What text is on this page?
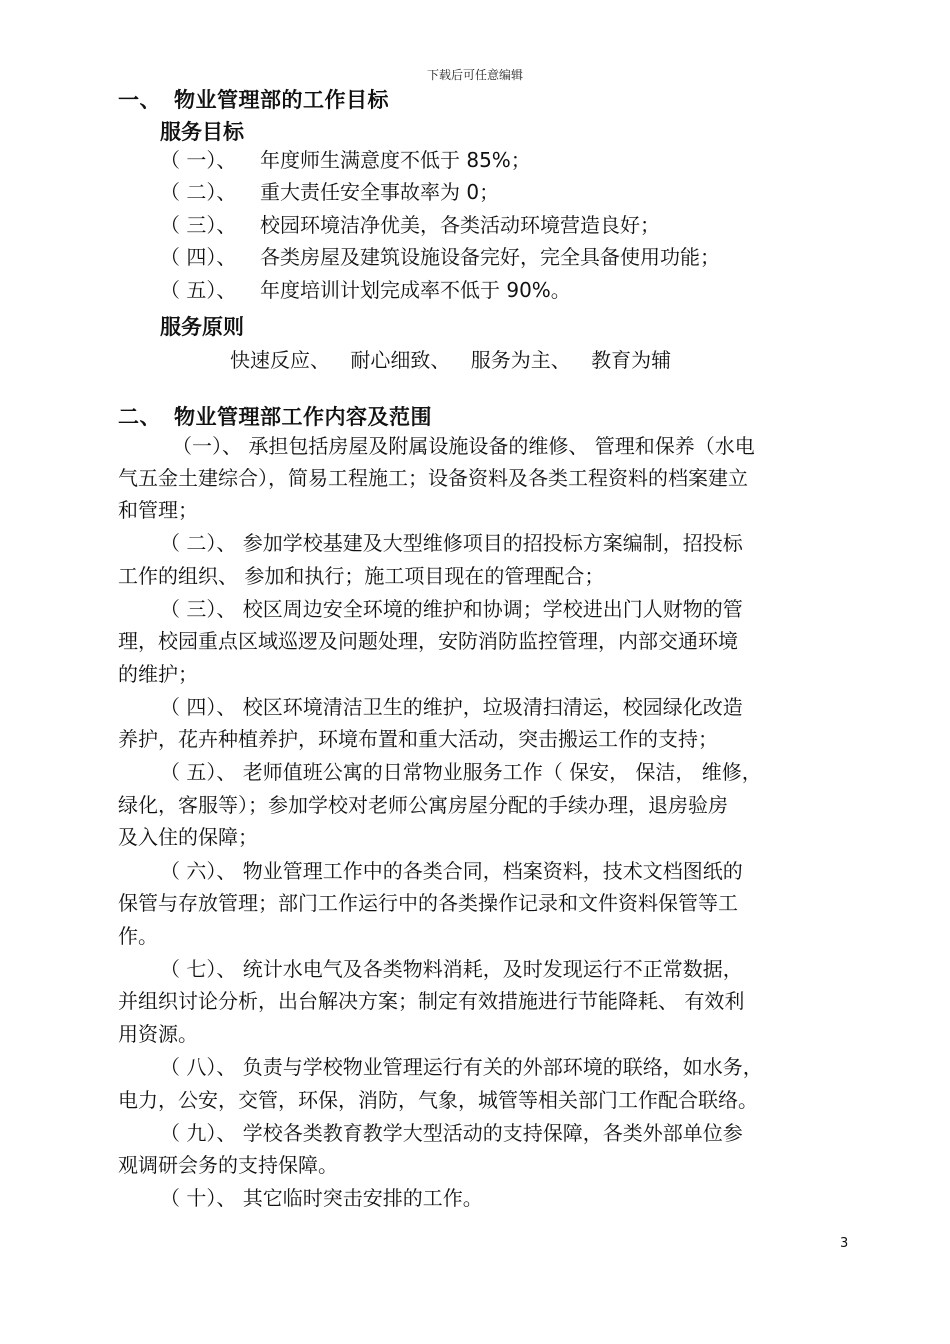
下载后可任意编辑
一、 物业管理部的工作目标
服务目标
（ 一）、 年度师生满意度不低于 85%；
（ 二）、 重大责任安全事故率为 0；
（ 三）、 校园环境洁净优美，各类活动环境营造良好；
（ 四）、 各类房屋及建筑设施设备完好，完全具备使用功能；
（ 五）、 年度培训计划完成率不低于 90%。
服务原则
快速反应、 耐心细致、 服务为主、 教育为辅
二、 物业管理部工作内容及范围
（一）、 承担包括房屋及附属设施设备的维修、 管理和保养（水电
气五金土建综合），简易工程施工；设备资料及各类工程资料的档案建立
和管理；
（ 二）、 参加学校基建及大型维修项目的招投标方案编制，招投标
工作的组织、 参加和执行；施工项目现在的管理配合；
（ 三）、 校区周边安全环境的维护和协调；学校进出门人财物的管
理，校园重点区域巡逻及问题处理，安防消防监控管理，内部交通环境
的维护；
（ 四）、 校区环境清洁卫生的维护，垃圾清扫清运，校园绿化改造
养护，花卉种植养护，环境布置和重大活动，突击搬运工作的支持；
（ 五）、 老师值班公寓的日常物业服务工作（ 保安， 保洁， 维修，
绿化，客服等）；参加学校对老师公寓房屋分配的手续办理，退房验房
及入住的保障；
（ 六）、 物业管理工作中的各类合同，档案资料，技术文档图纸的
保管与存放管理；部门工作运行中的各类操作记录和文件资料保管等工
作。
（ 七）、 统计水电气及各类物料消耗，及时发现运行不正常数据，
并组织讨论分析，出台解决方案；制定有效措施进行节能降耗、 有效利
用资源。
（ 八）、 负责与学校物业管理运行有关的外部环境的联络，如水务，
电力，公安，交管，环保，消防，气象，城管等相关部门工作配合联络。
（ 九）、 学校各类教育教学大型活动的支持保障，各类外部单位参
观调研会务的支持保障。
（ 十）、 其它临时突击安排的工作。
3
